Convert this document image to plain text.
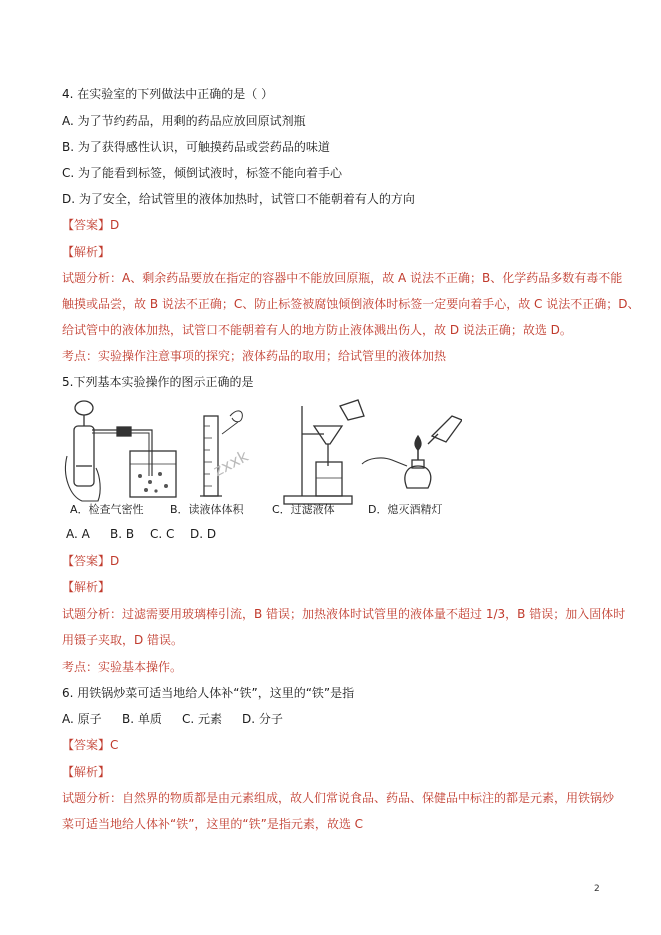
4. 在实验室的下列做法中正确的是（ ）
A. 为了节约药品，用剩的药品应放回原试剂瓶
B. 为了获得感性认识，可触摸药品或尝药品的味道
C. 为了能看到标签，倾倒试液时，标签不能向着手心
D. 为了安全，给试管里的液体加热时，试管口不能朝着有人的方向
【答案】D
【解析】
试题分析：A、剩余药品要放在指定的容器中不能放回原瓶，故 A 说法不正确；B、化学药品多数有毒不能
触摸或品尝，故 B 说法不正确；C、防止标签被腐蚀倾倒液体时标签一定要向着手心，故 C 说法不正确；D、
给试管中的液体加热，试管口不能朝着有人的地方防止液体溅出伤人，故 D 说法正确；故选 D。
考点：实验操作注意事项的探究；液体药品的取用；给试管里的液体加热
5.下列基本实验操作的图示正确的是
zxxk
A．检查气密性 B．读液体体积	C．过滤液体	D．熄灭酒精灯
A. A B. B C. C D. D
【答案】D
【解析】
试题分析：过滤需要用玻璃棒引流，B 错误；加热液体时试管里的液体量不超过 1/3，B 错误；加入固体时
用镊子夹取，D 错误。
考点：实验基本操作。
6. 用铁锅炒菜可适当地给人体补“铁”，这里的“铁”是指
A. 原子 B. 单质 C. 元素 D. 分子
【答案】C
【解析】
试题分析：自然界的物质都是由元素组成，故人们常说食品、药品、保健品中标注的都是元素，用铁锅炒
菜可适当地给人体补“铁”，这里的“铁”是指元素，故选 C
2
